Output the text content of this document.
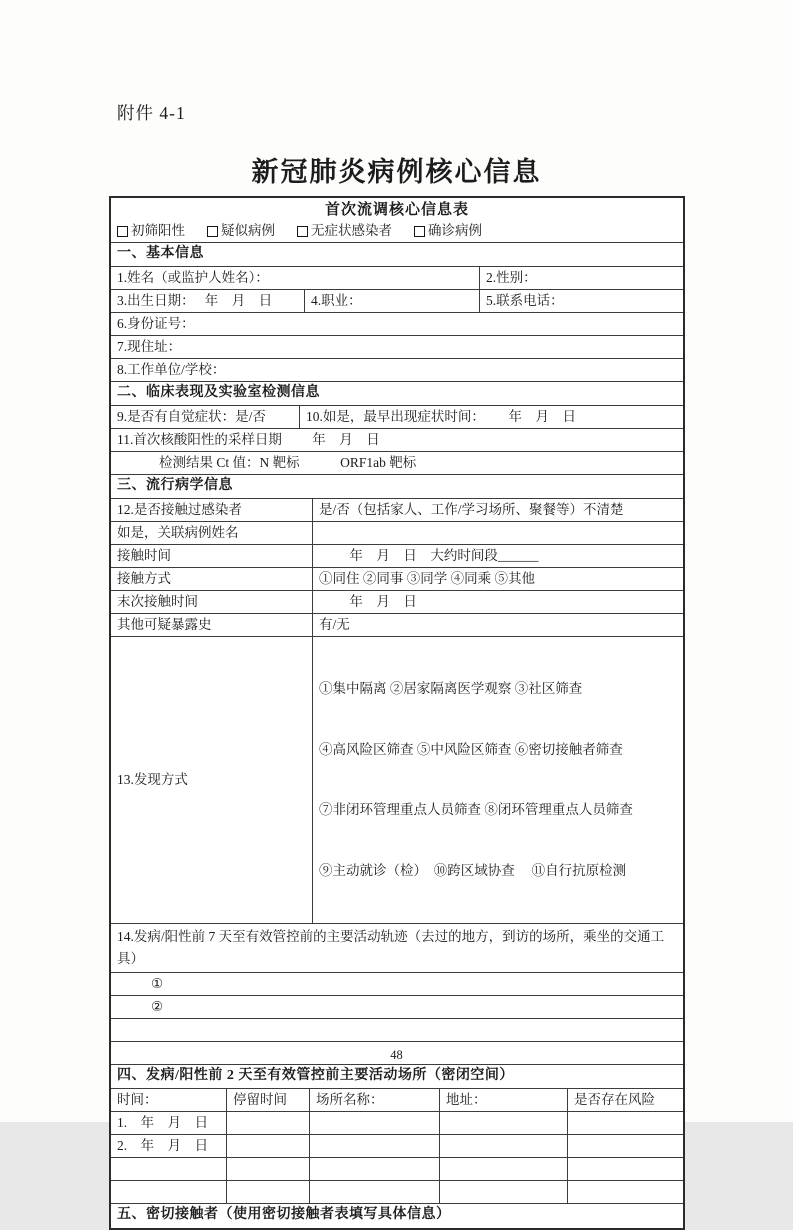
附件 4-1
新冠肺炎病例核心信息
首次流调核心信息表
初筛阳性	疑似病例	无症状感染者	确诊病例
一、基本信息
1.姓名（或监护人姓名）：	2.性别：
3.出生日期：　 年　月　日	4.职业：	5.联系电话：
6.身份证号：
7.现住址：
8.工作单位/学校：
二、临床表现及实验室检测信息
9.是否有自觉症状：是/否	10.如是，最早出现症状时间：　　 年　月　日
11.首次核酸阳性的采样日期　　 年　月　日
检测结果 Ct 值：N 靶标　　　ORF1ab 靶标
三、流行病学信息
12.是否接触过感染者	是/否（包括家人、工作/学习场所、聚餐等）不清楚
如是，关联病例姓名
接触时间	　　 年　月　日　大约时间段______
接触方式	①同住 ②同事 ③同学 ④同乘 ⑤其他
末次接触时间	　　 年　月　日
其他可疑暴露史	有/无
13.发现方式

①集中隔离 ②居家隔离医学观察 ③社区筛查

④高风险区筛查 ⑤中风险区筛查 ⑥密切接触者筛查

⑦非闭环管理重点人员筛查 ⑧闭环管理重点人员筛查

⑨主动就诊（检）　⑩跨区域协查　 ⑪自行抗原检测

14.发病/阳性前 7 天至有效管控前的主要活动轨迹（去过的地方，到访的场所，乘坐的交通工具）
①
②
四、发病/阳性前 2 天至有效管控前主要活动场所（密闭空间）
时间：	停留时间	场所名称：	地址：	是否存在风险
1.　年　月　日
2.　年　月　日
五、密切接触者（使用密切接触者表填写具体信息）
48
